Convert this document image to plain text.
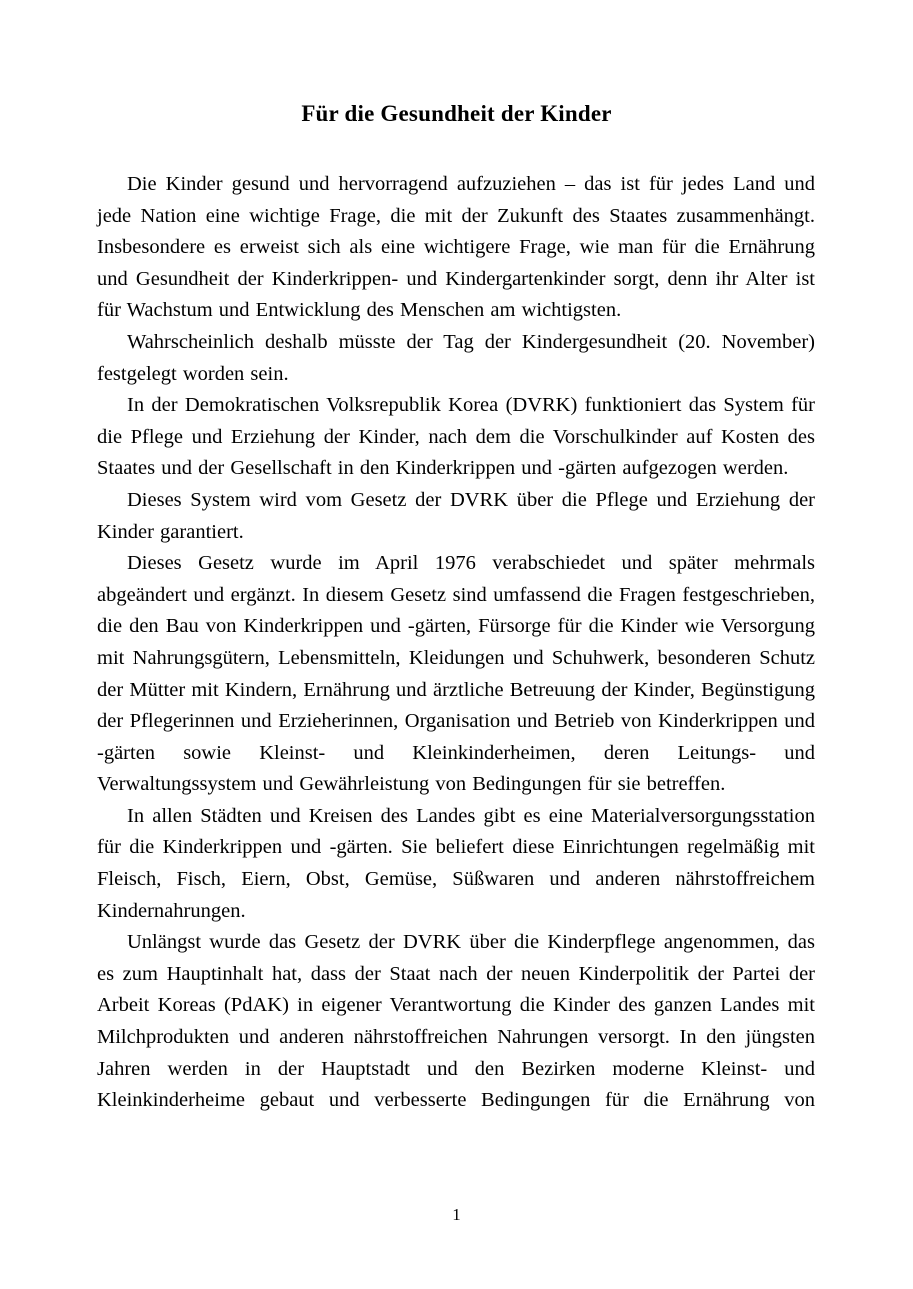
Für die Gesundheit der Kinder

Die Kinder gesund und hervorragend aufzuziehen – das ist für jedes Land und jede Nation eine wichtige Frage, die mit der Zukunft des Staates zusammenhängt. Insbesondere es erweist sich als eine wichtigere Frage, wie man für die Ernährung und Gesundheit der Kinderkrippen- und Kindergartenkinder sorgt, denn ihr Alter ist für Wachstum und Entwicklung des Menschen am wichtigsten.

Wahrscheinlich deshalb müsste der Tag der Kindergesundheit (20. November) festgelegt worden sein.

In der Demokratischen Volksrepublik Korea (DVRK) funktioniert das System für die Pflege und Erziehung der Kinder, nach dem die Vorschulkinder auf Kosten des Staates und der Gesellschaft in den Kinderkrippen und -gärten aufgezogen werden.

Dieses System wird vom Gesetz der DVRK über die Pflege und Erziehung der Kinder garantiert.

Dieses Gesetz wurde im April 1976 verabschiedet und später mehrmals abgeändert und ergänzt. In diesem Gesetz sind umfassend die Fragen festgeschrieben, die den Bau von Kinderkrippen und -gärten, Fürsorge für die Kinder wie Versorgung mit Nahrungsgütern, Lebensmitteln, Kleidungen und Schuhwerk, besonderen Schutz der Mütter mit Kindern, Ernährung und ärztliche Betreuung der Kinder, Begünstigung der Pflegerinnen und Erzieherinnen, Organisation und Betrieb von Kinderkrippen und -gärten sowie Kleinst- und Kleinkinderheimen, deren Leitungs- und Verwaltungssystem und Gewährleistung von Bedingungen für sie betreffen.

In allen Städten und Kreisen des Landes gibt es eine Materialversorgungsstation für die Kinderkrippen und -gärten. Sie beliefert diese Einrichtungen regelmäßig mit Fleisch, Fisch, Eiern, Obst, Gemüse, Süßwaren und anderen nährstoffreichem Kindernahrungen.

Unlängst wurde das Gesetz der DVRK über die Kinderpflege angenommen, das es zum Hauptinhalt hat, dass der Staat nach der neuen Kinderpolitik der Partei der Arbeit Koreas (PdAK) in eigener Verantwortung die Kinder des ganzen Landes mit Milchprodukten und anderen nährstoffreichen Nahrungen versorgt. In den jüngsten Jahren werden in der Hauptstadt und den Bezirken moderne Kleinst- und Kleinkinderheime gebaut und verbesserte Bedingungen für die Ernährung von

1
